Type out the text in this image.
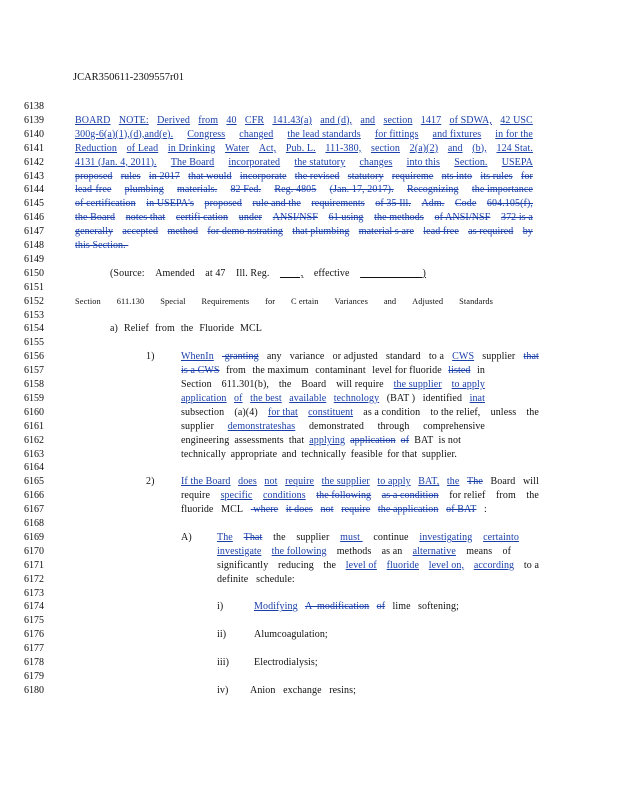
JCAR350611-2309557r01
6138
6139	BOARD NOTE: Derived from 40 CFR 141.43(a) and (d), and section 1417 of SDWA, 42 USC
6140	300g-6(a)(1),(d),and(e). Congress changed the lead standards for fittings and fixtures in for the
6141	Reduction of Lead in Drinking Water Act, Pub. L. 111-380, section 2(a)(2) and (b), 124 Stat.
6142	4131 (Jan. 4, 2011). The Board incorporated the statutory changes into this Section. USEPA
6143	proposed rules in 2017 that would incorporate the revised statutory requireme nts into its rules for
6144	lead-free plumbing materials. 82 Fed. Reg. 4805 (Jan. 17, 2017). Recognizing the importance
6145	of certification in USEPA's proposed rule and the requirements of 35 Ill. Adm. Code 604.105(f),
6146	the Board notes that certifi cation under ANSI/NSF 61 using the methods of ANSI/NSF 372 is a
6147	generally accepted method for demo nstrating that plumbing material s are lead free as required by
6148	this Section.
6149
6150	(Source: Amended at 47 Ill. Reg. , effective )
6151
6152	Section 611.130 Special Requirements for C ertain Variances and Adjusted Standards
6153
6154	a) Relief from the Fluoride MCL
6155
6156	1) WhenIn granting any variance or adjusted standard to a CWS supplier that
6157	is a CWS from the maximum contaminant level for fluoride listed in
6158	Section 611.301(b), the Board will require the supplier to apply
6159	application of the best available technology (BAT ) identified inat
6160	subsection (a)(4) for that constituent as a condition to the relief, unless the
6161	supplier demonstrateshas demonstrated through comprehensive
6162	engineering assessments that applying application of BAT is not
6163	technically appropriate and technically feasible for that supplier.
6164
6165	2) If the Board does not require the supplier to apply BAT, the The Board will
6166	require specific conditions the following as a condition for relief from the
6167	fluoride MCL where it does not require the application of BAT :
6168
6169	A) The That the supplier must continue investigating certainto
6170	investigate the following methods as an alternative means of
6171	significantly reducing the level of fluoride level on, according to a
6172	definite   schedule:
6173
6174	i)	Modifying A  modification of lime softening;
6175
6176	ii)	Alumcoagulation;
6177
6178	iii) Electrodialysis;
6179
6180	iv) Anion exchange resins;
